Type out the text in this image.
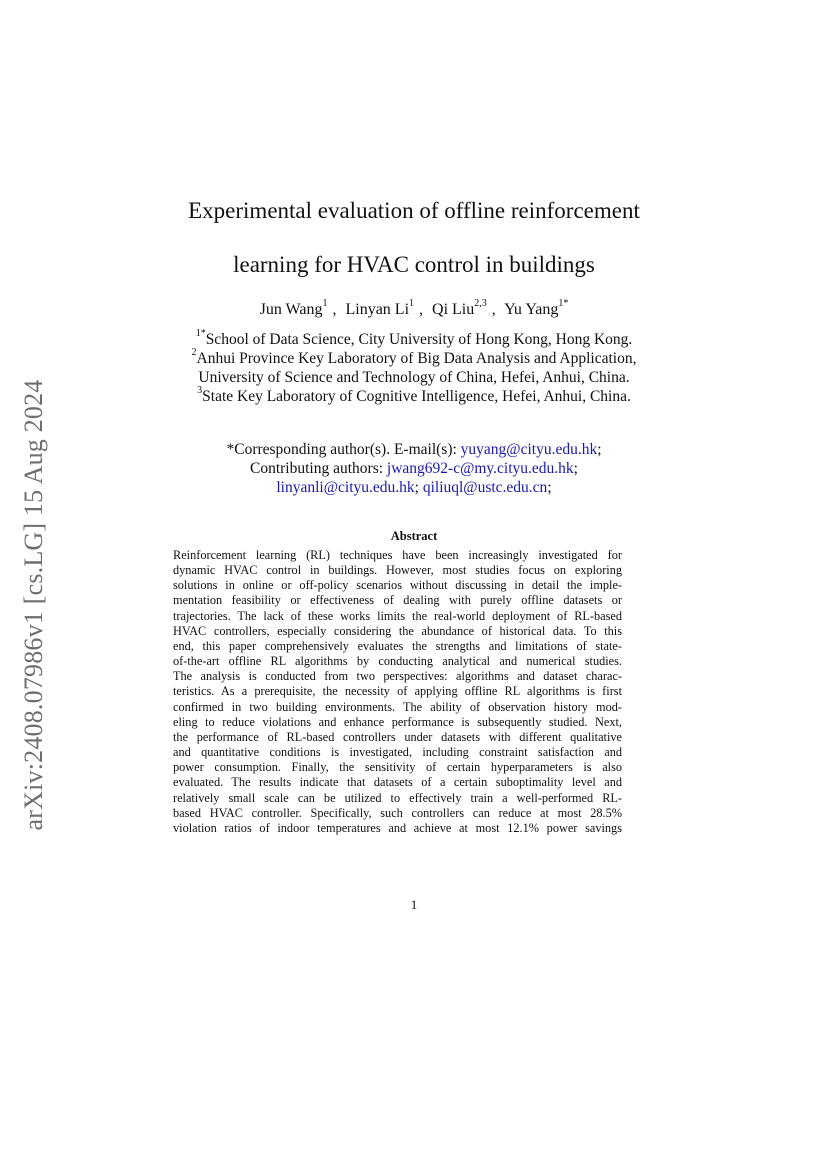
arXiv:2408.07986v1 [cs.LG] 15 Aug 2024
Experimental evaluation of offline reinforcement
learning for HVAC control in buildings
Jun Wang$^1$ , Linyan Li$^1$ , Qi Liu$^{2,3}$ , Yu Yang$^{1*}$
$^{1*}$School of Data Science, City University of Hong Kong, Hong Kong.
$^2$Anhui Province Key Laboratory of Big Data Analysis and Application,
University of Science and Technology of China, Hefei, Anhui, China.
$^3$State Key Laboratory of Cognitive Intelligence, Hefei, Anhui, China.
*Corresponding author(s). E-mail(s): yuyang@cityu.edu.hk;
Contributing authors: jwang692-c@my.cityu.edu.hk;
linyanli@cityu.edu.hk; qiliuql@ustc.edu.cn;
Abstract
Reinforcement learning (RL) techniques have been increasingly investigated for
dynamic HVAC control in buildings. However, most studies focus on exploring
solutions in online or off-policy scenarios without discussing in detail the imple-
mentation feasibility or effectiveness of dealing with purely offline datasets or
trajectories. The lack of these works limits the real-world deployment of RL-based
HVAC controllers, especially considering the abundance of historical data. To this
end, this paper comprehensively evaluates the strengths and limitations of state-
of-the-art offline RL algorithms by conducting analytical and numerical studies.
The analysis is conducted from two perspectives: algorithms and dataset charac-
teristics. As a prerequisite, the necessity of applying offline RL algorithms is first
confirmed in two building environments. The ability of observation history mod-
eling to reduce violations and enhance performance is subsequently studied. Next,
the performance of RL-based controllers under datasets with different qualitative
and quantitative conditions is investigated, including constraint satisfaction and
power consumption. Finally, the sensitivity of certain hyperparameters is also
evaluated. The results indicate that datasets of a certain suboptimality level and
relatively small scale can be utilized to effectively train a well-performed RL-
based HVAC controller. Specifically, such controllers can reduce at most 28.5%
violation ratios of indoor temperatures and achieve at most 12.1% power savings
1
